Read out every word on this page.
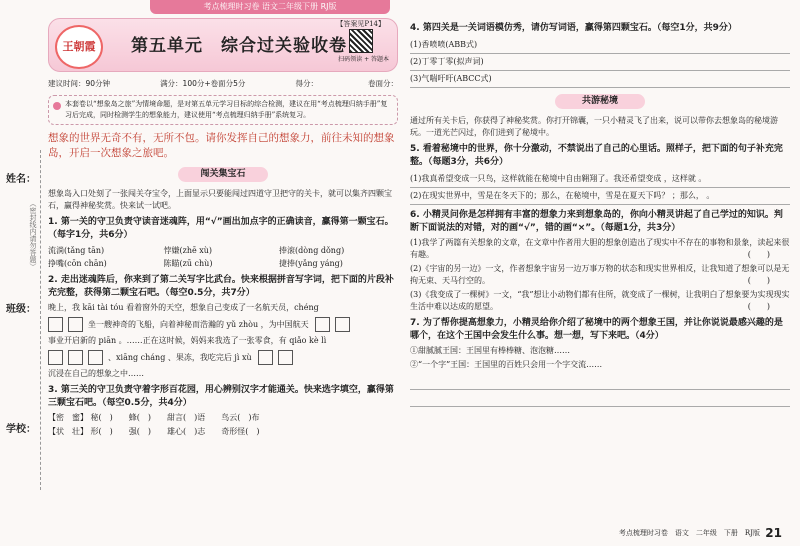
考点梳理时习卷 语文二年级下册 RJ版
（密封线内请勿答题）
姓名：
班级：
学校：
王朝霞	第五单元　综合过关验收卷
【答案见P14】
扫码领读 + 答题本
建议时间：90分钟	满分：100分+卷面分5分	得分：	卷面分：
本套卷以“想象岛之旅”为情境命题，是对第五单元学习目标的综合检测，建议在用“考点梳理归纳手册”复习后完成，同时检测学生的想象能力，建议使用“考点梳理归纳手册”系统复习。
想象的世界无奇不有，无所不包。请你发挥自己的想象力，前往未知的想象岛，开启一次想象之旅吧。
闯关集宝石
想象岛入口处刻了一张闯关夺宝令，上面显示只要能闯过四道守卫把守的关卡，就可以集齐四颗宝石，赢得神秘奖赏。快来试一试吧。
1. 第一关的守卫负责守读音迷魂阵，用“√”画出加点字的正确读音，赢得第一颗宝石。（每字1分，共6分）
流淌(tǎng tān)	悖嫌(zhē xù)	捧滚(dòng dǒng)
挣嘴(cōn chān)	陈瞄(zū chù)	捷捧(yǎng yáng)
2. 走出迷魂阵后，你来到了第二关写字比武台。快来根据拼音写字词，把下面的片段补充完整，获得第二颗宝石吧。（每空0.5分，共7分）
晚上，我 kāi tài tóu 看着窗外的天空，想象自己变成了一名航天员，chéng
坐一艘神奇的飞船，向着神秘而浩瀚的 yǔ zhòu ，为中国航天
事业开启新的 piān 。……正在这时候，妈妈来我选了一张零食，有 qiǎo kè lì
、xiāng cháng 、果冻，我吃完后 jì xù
沉浸在自己的想象之中……
3. 第三关的守卫负责守着字形百花园，用心辨别汉字才能通关。快来选字填空，赢得第三颗宝石吧。（每空0.5分，共4分）
【密　蜜】 秘(　)　　蜂(　)　　甜言(　)语　　鸟云(　)布
【状　壮】 形(　)　　强(　)　　雄心(　)志　　奇形怪(　)
4. 第四关是一关词语模仿秀，请仿写词语，赢得第四颗宝石。（每空1分，共9分）
(1)香喷喷(ABB式)
(2)丁零丁零(拟声词)
(3)气喘吁吁(ABCC式)
共游秘境
通过所有关卡后，你获得了神秘奖赏。你打开锦囊，一只小精灵飞了出来，说可以带你去想象岛的秘境游玩。一道光芒闪过，你们进到了秘境中。
5. 看着秘境中的世界，你十分激动，不禁说出了自己的心里话。照样子，把下面的句子补充完整。（每题3分，共6分）
(1)我真希望变成一只鸟，这样就能在秘境中自由翱翔了。我还希望变成 ，这样就 。
(2)在现实世界中，雪是在冬天下的；那么，在秘境中，雪是在夏天下吗？ ；那么， 。
6. 小精灵问你是怎样拥有丰富的想象力来到想象岛的，你向小精灵讲起了自己学过的知识。判断下面说法的对错，对的画“√”，错的画“×”。（每题1分，共3分）
(1)我学了两篇有关想象的文章，在文章中作者用大胆的想象创造出了现实中不存在的事物和景象，读起来很有趣。	(　　)
(2)《宇宙的另一边》一文，作者想象宇宙另一边万事万物的状态和现实世界相反，让我知道了想象可以是无拘无束、天马行空的。	(　　)
(3)《我变成了一棵树》一文，“我”想让小动物们都有住所，就变成了一棵树，让我明白了想象要为实现现实生活中难以达成的愿望。	(　　)
7. 为了帮你提高想象力，小精灵给你介绍了秘境中的两个想象王国，并让你说说最感兴趣的是哪个，在这个王国中会发生什么事。想一想，写下来吧。（4分）
①甜腻腻王国：王国里有棒棒糖、泡泡糖……
②“一个字”王国：王国里的百姓只会用一个字交流……

考点梳理时习卷　语文　二年级　下册　RJ版 21
